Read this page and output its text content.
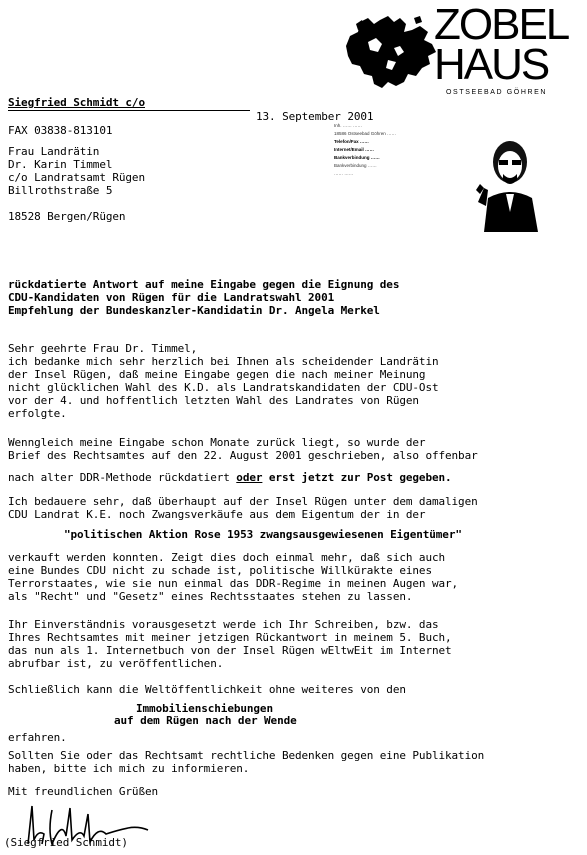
ZOBEL
HAUS
OSTSEEBAD GÖHREN
Inh. …… ……
18586 Ostseebad Göhren ……
Telefon/Fax ……
Internet/Email ……
Bankverbindung ……
Bankverbindung ……
…… ……
Siegfried Schmidt c/o
13. September 2001
FAX 03838-813101
Frau Landrätin
Dr. Karin Timmel
c/o Landratsamt Rügen
Billrothstraße 5
18528 Bergen/Rügen
rückdatierte Antwort auf meine Eingabe gegen die Eignung des
CDU-Kandidaten von Rügen für die Landratswahl 2001
Empfehlung der Bundeskanzler-Kandidatin Dr. Angela Merkel
Sehr geehrte Frau Dr. Timmel,
ich bedanke mich sehr herzlich bei Ihnen als scheidender Landrätin
der Insel Rügen, daß meine Eingabe gegen die nach meiner Meinung
nicht glücklichen Wahl des K.D. als Landratskandidaten der CDU-Ost
vor der 4. und hoffentlich letzten Wahl des Landrates von Rügen
erfolgte.
Wenngleich meine Eingabe schon Monate zurück liegt, so wurde der
Brief des Rechtsamtes auf den 22. August 2001 geschrieben, also offenbar
nach alter DDR-Methode rückdatiert oder erst jetzt zur Post gegeben.
Ich bedauere sehr, daß überhaupt auf der Insel Rügen unter dem damaligen
CDU Landrat K.E. noch Zwangsverkäufe aus dem Eigentum der in der
"politischen Aktion Rose 1953 zwangsausgewiesenen Eigentümer"
verkauft werden konnten. Zeigt dies doch einmal mehr, daß sich auch
eine Bundes CDU nicht zu schade ist, politische Willkürakte eines
Terrorstaates, wie sie nun einmal das DDR-Regime in meinen Augen war,
als "Recht" und "Gesetz" eines Rechtsstaates stehen zu lassen.
Ihr Einverständnis vorausgesetzt werde ich Ihr Schreiben, bzw. das
Ihres Rechtsamtes mit meiner jetzigen Rückantwort in meinem 5. Buch,
das nun als 1. Internetbuch von der Insel Rügen wEltwEit im Internet
abrufbar ist, zu veröffentlichen.
Schließlich kann die Weltöffentlichkeit ohne weiteres von den
Immobilienschiebungen
auf dem Rügen nach der Wende
erfahren.
Sollten Sie oder das Rechtsamt rechtliche Bedenken gegen eine Publikation
haben, bitte ich mich zu informieren.
Mit freundlichen Grüßen
(Siegfried Schmidt)
